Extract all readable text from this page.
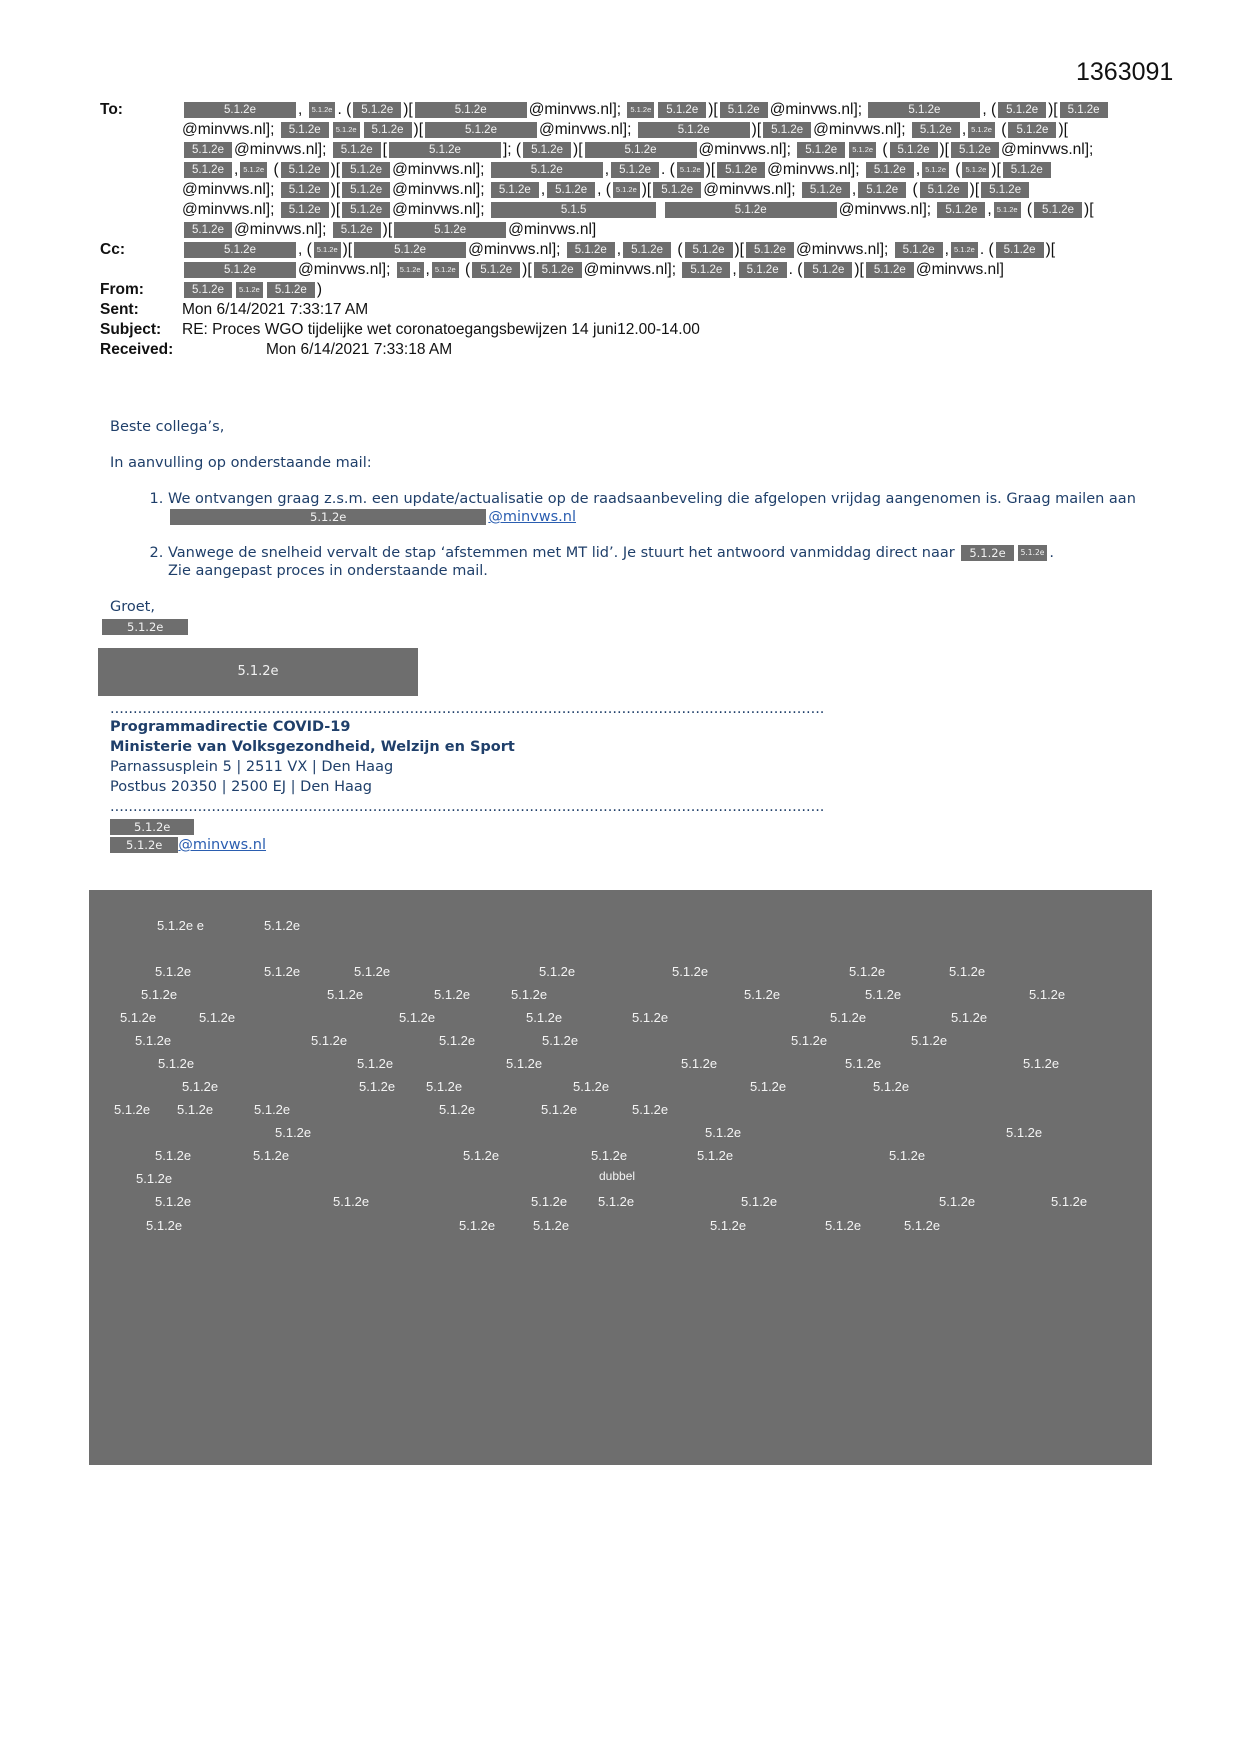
1363091
To:	5.1.2e	, 5.1.2e . ( 5.1.2e )[	5.1.2e	@minvws.nl]; 5.1.2e 5.1.2e )[ 5.1.2e @minvws.nl];	5.1.2e	, ( 5.1.2e )[ 5.1.2e@minvws.nl]; 5.1.2e 5.1.2e 5.1.2e )[	5.1.2e	@minvws.nl];	5.1.2e	)[ 5.1.2e @minvws.nl]; 5.1.2e , 5.1.2e ( 5.1.2e )[5.1.2e @minvws.nl]; 5.1.2e [	5.1.2e	]; ( 5.1.2e )[	5.1.2e	@minvws.nl]; 5.1.2e 5.1.2e ( 5.1.2e )[ 5.1.2e @minvws.nl]; 5.1.2e , 5.1.2e ( 5.1.2e )[ 5.1.2e @minvws.nl];	5.1.2e	, 5.1.2e . ( 5.1.2e )[ 5.1.2e @minvws.nl]; 5.1.2e , 5.1.2e ( 5.1.2e )[ 5.1.2e@minvws.nl]; 5.1.2e )[ 5.1.2e @minvws.nl]; 5.1.2e , 5.1.2e , ( 5.1.2e )[ 5.1.2e @minvws.nl]; 5.1.2e , 5.1.2e ( 5.1.2e )[ 5.1.2e@minvws.nl]; 5.1.2e )[ 5.1.2e @minvws.nl];	5.1.5	5.1.2e	@minvws.nl]; 5.1.2e , 5.1.2e ( 5.1.2e )[5.1.2e @minvws.nl]; 5.1.2e )[	5.1.2e	@minvws.nl]
Cc:	5.1.2e	, ( 5.1.2e )[	5.1.2e	@minvws.nl]; 5.1.2e , 5.1.2e ( 5.1.2e )[ 5.1.2e @minvws.nl]; 5.1.2e , 5.1.2e . ( 5.1.2e )[5.1.2e	@minvws.nl]; 5.1.2e , 5.1.2e ( 5.1.2e )[ 5.1.2e @minvws.nl]; 5.1.2e , 5.1.2e . ( 5.1.2e )[ 5.1.2e @minvws.nl]
From:	5.1.2e 5.1.2e 5.1.2e )
Sent:	Mon 6/14/2021 7:33:17 AM
Subject:	RE: Proces WGO tijdelijke wet coronatoegangsbewijzen 14 juni12.00-14.00
Received:	Mon 6/14/2021 7:33:18 AM

Beste collega’s,

In aanvulling op onderstaande mail:

1. We ontvangen graag z.s.m. een update/actualisatie op de raadsaanbeveling die afgelopen vrijdag aangenomen is. Graag mailen aan 5.1.2e	@minvws.nl
2. Vanwege de snelheid vervalt de stap ‘afstemmen met MT lid’. Je stuurt het antwoord vanmiddag direct naar 5.1.2e 5.1.2e .
Zie aangepast proces in onderstaande mail.
Groet,
5.1.2e
5.1.2e
...........................................................................................................................................................
Programmadirectie COVID-19
Ministerie van Volksgezondheid, Welzijn en Sport
Parnassusplein 5 | 2511 VX | Den Haag
Postbus 20350 | 2500 EJ | Den Haag
...........................................................................................................................................................
5.1.2e
5.1.2e @minvws.nl
5.1.2e e	5.1.2e
5.1.2e	5.1.2e	5.1.2e	5.1.2e	5.1.2e	5.1.2e	5.1.2e
5.1.2e	5.1.2e	5.1.2e	5.1.2e	5.1.2e	5.1.2e	5.1.2e
5.1.2e	5.1.2e	5.1.2e	5.1.2e	5.1.2e	5.1.2e	5.1.2e
5.1.2e	5.1.2e	5.1.2e	5.1.2e	5.1.2e	5.1.2e
5.1.2e	5.1.2e	5.1.2e	5.1.2e	5.1.2e	5.1.2e
5.1.2e	5.1.2e 5.1.2e	5.1.2e	5.1.2e	5.1.2e
5.1.2e 5.1.2e	5.1.2e	5.1.2e	5.1.2e	5.1.2e
5.1.2e	5.1.2e	5.1.2e
5.1.2e	5.1.2e	5.1.2e	5.1.2e	5.1.2e	5.1.2e
5.1.2e	dubbel
5.1.2e	5.1.2e	5.1.2e 5.1.2e	5.1.2e	5.1.2e	5.1.2e
5.1.2e	5.1.2e	5.1.2e	5.1.2e	5.1.2e	5.1.2e
